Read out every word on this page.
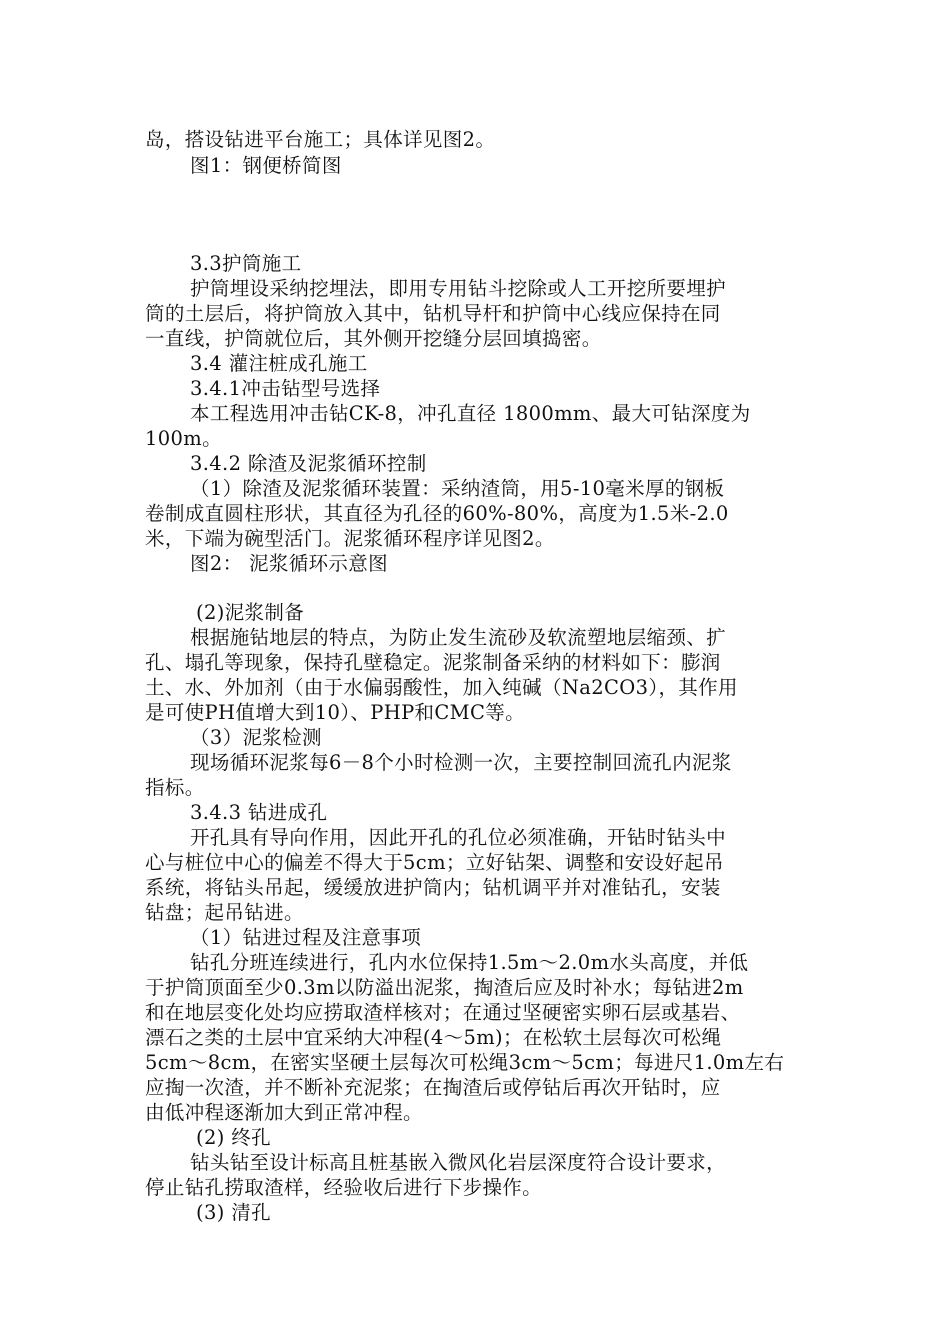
岛，搭设钻进平台施工；具体详见图2。
图1：钢便桥简图
3.3护筒施工
护筒埋设采纳挖埋法，即用专用钻斗挖除或人工开挖所要埋护
筒的土层后，将护筒放入其中，钻机导杆和护筒中心线应保持在同
一直线，护筒就位后，其外侧开挖缝分层回填捣密。
3.4 灌注桩成孔施工
3.4.1冲击钻型号选择
本工程选用冲击钻CK-8，冲孔直径 1800mm、最大可钻深度为
100m。
3.4.2 除渣及泥浆循环控制
（1）除渣及泥浆循环装置：采纳渣筒，用5-10毫米厚的钢板
卷制成直圆柱形状，其直径为孔径的60%-80%，高度为1.5米-2.0
米，下端为碗型活门。泥浆循环程序详见图2。
图2： 泥浆循环示意图
(2)泥浆制备
根据施钻地层的特点，为防止发生流砂及软流塑地层缩颈、扩
孔、塌孔等现象，保持孔壁稳定。泥浆制备采纳的材料如下：膨润
土、水、外加剂（由于水偏弱酸性，加入纯碱（Na2CO3），其作用
是可使PH值增大到10）、PHP和CMC等。
（3）泥浆检测
现场循环泥浆每6－8个小时检测一次，主要控制回流孔内泥浆
指标。
3.4.3 钻进成孔
开孔具有导向作用，因此开孔的孔位必须准确，开钻时钻头中
心与桩位中心的偏差不得大于5cm；立好钻架、调整和安设好起吊
系统，将钻头吊起，缓缓放进护筒内；钻机调平并对准钻孔，安装
钻盘；起吊钻进。
（1）钻进过程及注意事项
钻孔分班连续进行，孔内水位保持1.5m～2.0m水头高度，并低
于护筒顶面至少0.3m以防溢出泥浆，掏渣后应及时补水；每钻进2m
和在地层变化处均应捞取渣样核对；在通过坚硬密实卵石层或基岩、
漂石之类的土层中宜采纳大冲程(4～5m)；在松软土层每次可松绳
5cm～8cm，在密实坚硬土层每次可松绳3cm～5cm；每进尺1.0m左右
应掏一次渣，并不断补充泥浆；在掏渣后或停钻后再次开钻时，应
由低冲程逐渐加大到正常冲程。
(2) 终孔
钻头钻至设计标高且桩基嵌入微风化岩层深度符合设计要求，
停止钻孔捞取渣样，经验收后进行下步操作。
(3) 清孔
